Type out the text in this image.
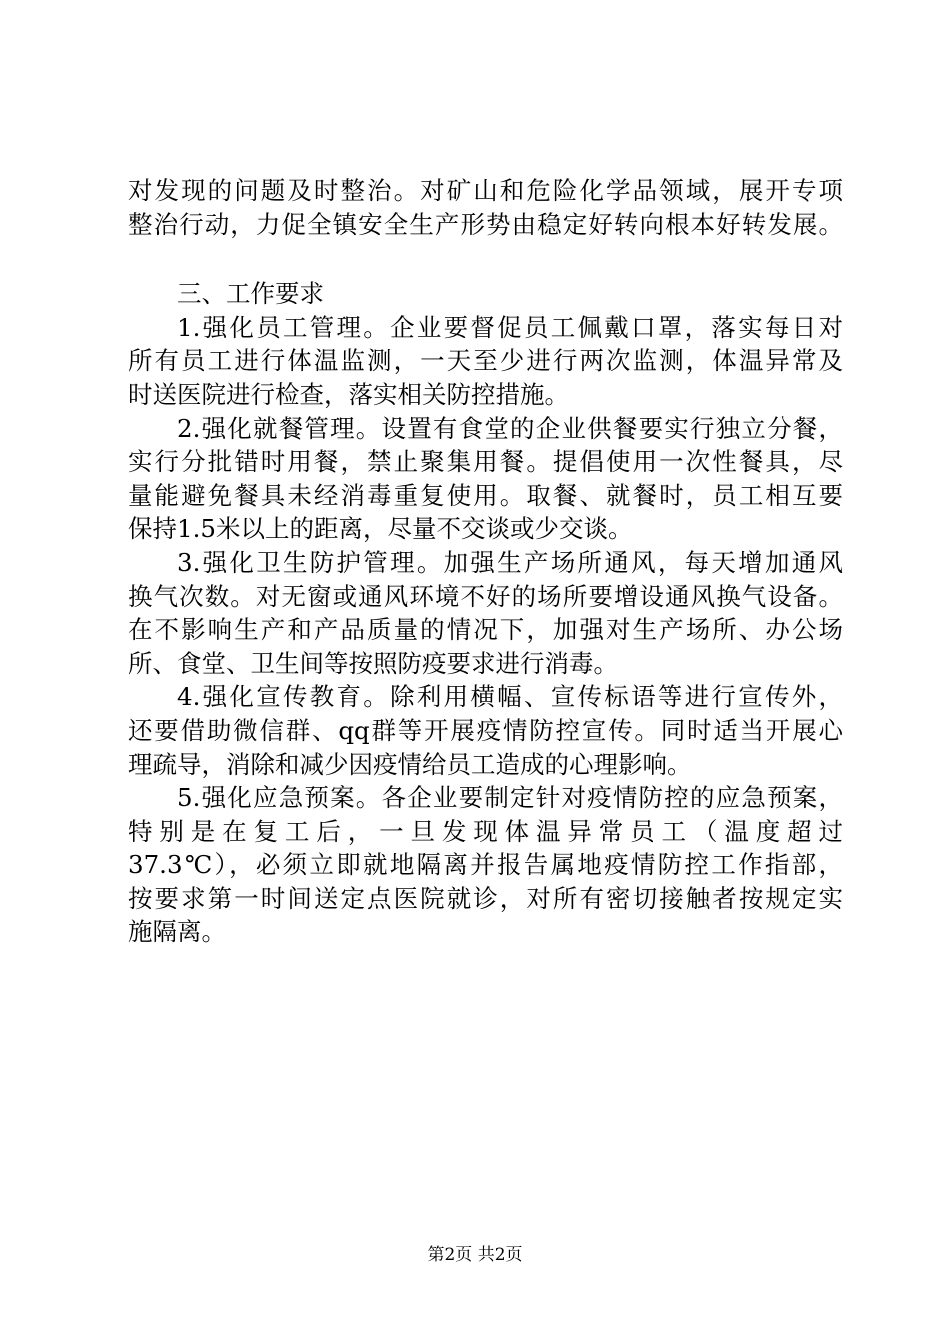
对发现的问题及时整治。对矿山和危险化学品领域，展开专项
整治行动，力促全镇安全生产形势由稳定好转向根本好转发展。
三、工作要求
1.强化员工管理。企业要督促员工佩戴口罩，落实每日对
所有员工进行体温监测，一天至少进行两次监测，体温异常及
时送医院进行检查，落实相关防控措施。
2.强化就餐管理。设置有食堂的企业供餐要实行独立分餐，
实行分批错时用餐，禁止聚集用餐。提倡使用一次性餐具，尽
量能避免餐具未经消毒重复使用。取餐、就餐时，员工相互要
保持1.5米以上的距离，尽量不交谈或少交谈。
3.强化卫生防护管理。加强生产场所通风，每天增加通风
换气次数。对无窗或通风环境不好的场所要增设通风换气设备。
在不影响生产和产品质量的情况下，加强对生产场所、办公场
所、食堂、卫生间等按照防疫要求进行消毒。
4.强化宣传教育。除利用横幅、宣传标语等进行宣传外，
还要借助微信群、qq群等开展疫情防控宣传。同时适当开展心
理疏导，消除和减少因疫情给员工造成的心理影响。
5.强化应急预案。各企业要制定针对疫情防控的应急预案，
特别是在复工后，一旦发现体温异常员工（温度超过
37.3℃），必须立即就地隔离并报告属地疫情防控工作指部，
按要求第一时间送定点医院就诊，对所有密切接触者按规定实
施隔离。
第2页 共2页
